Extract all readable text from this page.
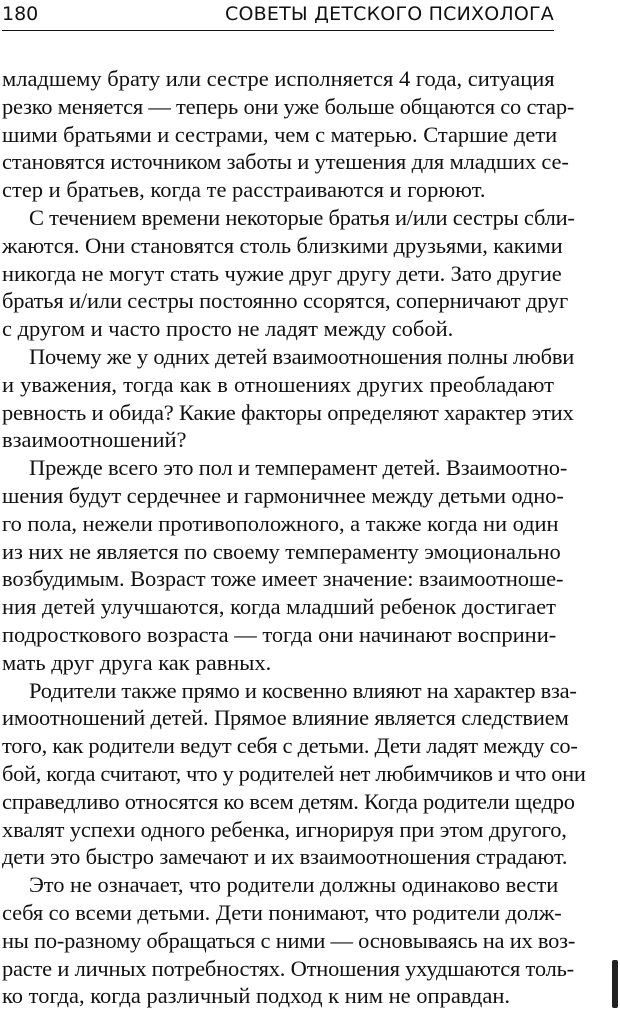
180	СОВЕТЫ ДЕТСКОГО ПСИХОЛОГА
младшему брату или сестре исполняется 4 года, ситуация
резко меняется — теперь они уже больше общаются со стар-
шими братьями и сестрами, чем с матерью. Старшие дети
становятся источником заботы и утешения для младших се-
стер и братьев, когда те расстраиваются и горюют.
С течением времени некоторые братья и/или сестры сбли-
жаются. Они становятся столь близкими друзьями, какими
никогда не могут стать чужие друг другу дети. Зато другие
братья и/или сестры постоянно ссорятся, соперничают друг
с другом и часто просто не ладят между собой.
Почему же у одних детей взаимоотношения полны любви
и уважения, тогда как в отношениях других преобладают
ревность и обида? Какие факторы определяют характер этих
взаимоотношений?
Прежде всего это пол и темперамент детей. Взаимоотно-
шения будут сердечнее и гармоничнее между детьми одно-
го пола, нежели противоположного, а также когда ни один
из них не является по своему темпераменту эмоционально
возбудимым. Возраст тоже имеет значение: взаимоотноше-
ния детей улучшаются, когда младший ребенок достигает
подросткового возраста — тогда они начинают восприни-
мать друг друга как равных.
Родители также прямо и косвенно влияют на характер вза-
имоотношений детей. Прямое влияние является следствием
того, как родители ведут себя с детьми. Дети ладят между со-
бой, когда считают, что у родителей нет любимчиков и что они
справедливо относятся ко всем детям. Когда родители щедро
хвалят успехи одного ребенка, игнорируя при этом другого,
дети это быстро замечают и их взаимоотношения страдают.
Это не означает, что родители должны одинаково вести
себя со всеми детьми. Дети понимают, что родители долж-
ны по-разному обращаться с ними — основываясь на их воз-
расте и личных потребностях. Отношения ухудшаются толь-
ко тогда, когда различный подход к ним не оправдан.
